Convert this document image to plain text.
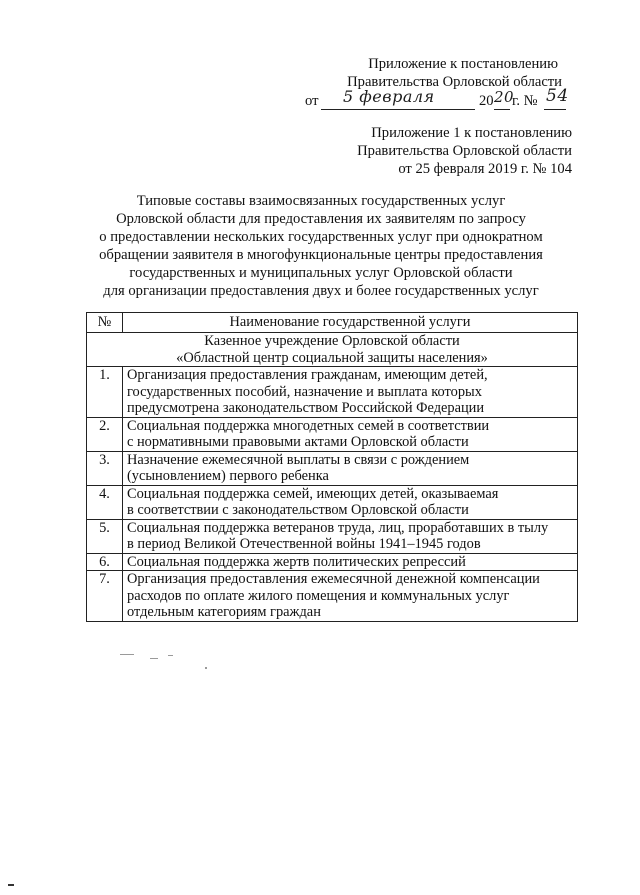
Приложение к постановлению
Правительства Орловской области
от 5 февраля	20 20
г. № 54
Приложение 1 к постановлению
Правительства Орловской области
от 25 февраля 2019 г. № 104
Типовые составы взаимосвязанных государственных услуг
Орловской области для предоставления их заявителям по запросу
о предоставлении нескольких государственных услуг при однократном
обращении заявителя в многофункциональные центры предоставления
государственных и муниципальных услуг Орловской области
для организации предоставления двух и более государственных услуг
№	Наименование государственной услуги

Казенное учреждение Орловской области
«Областной центр социальной защиты населения»	

1.	Организация предоставления гражданам, имеющим детей,
государственных пособий, назначение и выплата которых
предусмотрена законодательством Российской Федерации

2.	Социальная поддержка многодетных семей в соответствии
с нормативными правовыми актами Орловской области

3.	Назначение ежемесячной выплаты в связи с рождением
(усыновлением) первого ребенка

4.	Социальная поддержка семей, имеющих детей, оказываемая
в соответствии с законодательством Орловской области

5.	Социальная поддержка ветеранов труда, лиц, проработавших в тылу
в период Великой Отечественной войны 1941–1945 годов

6.	Социальная поддержка жертв политических репрессий

7.	Организация предоставления ежемесячной денежной компенсации
расходов по оплате жилого помещения и коммунальных услуг
отдельным категориям граждан
